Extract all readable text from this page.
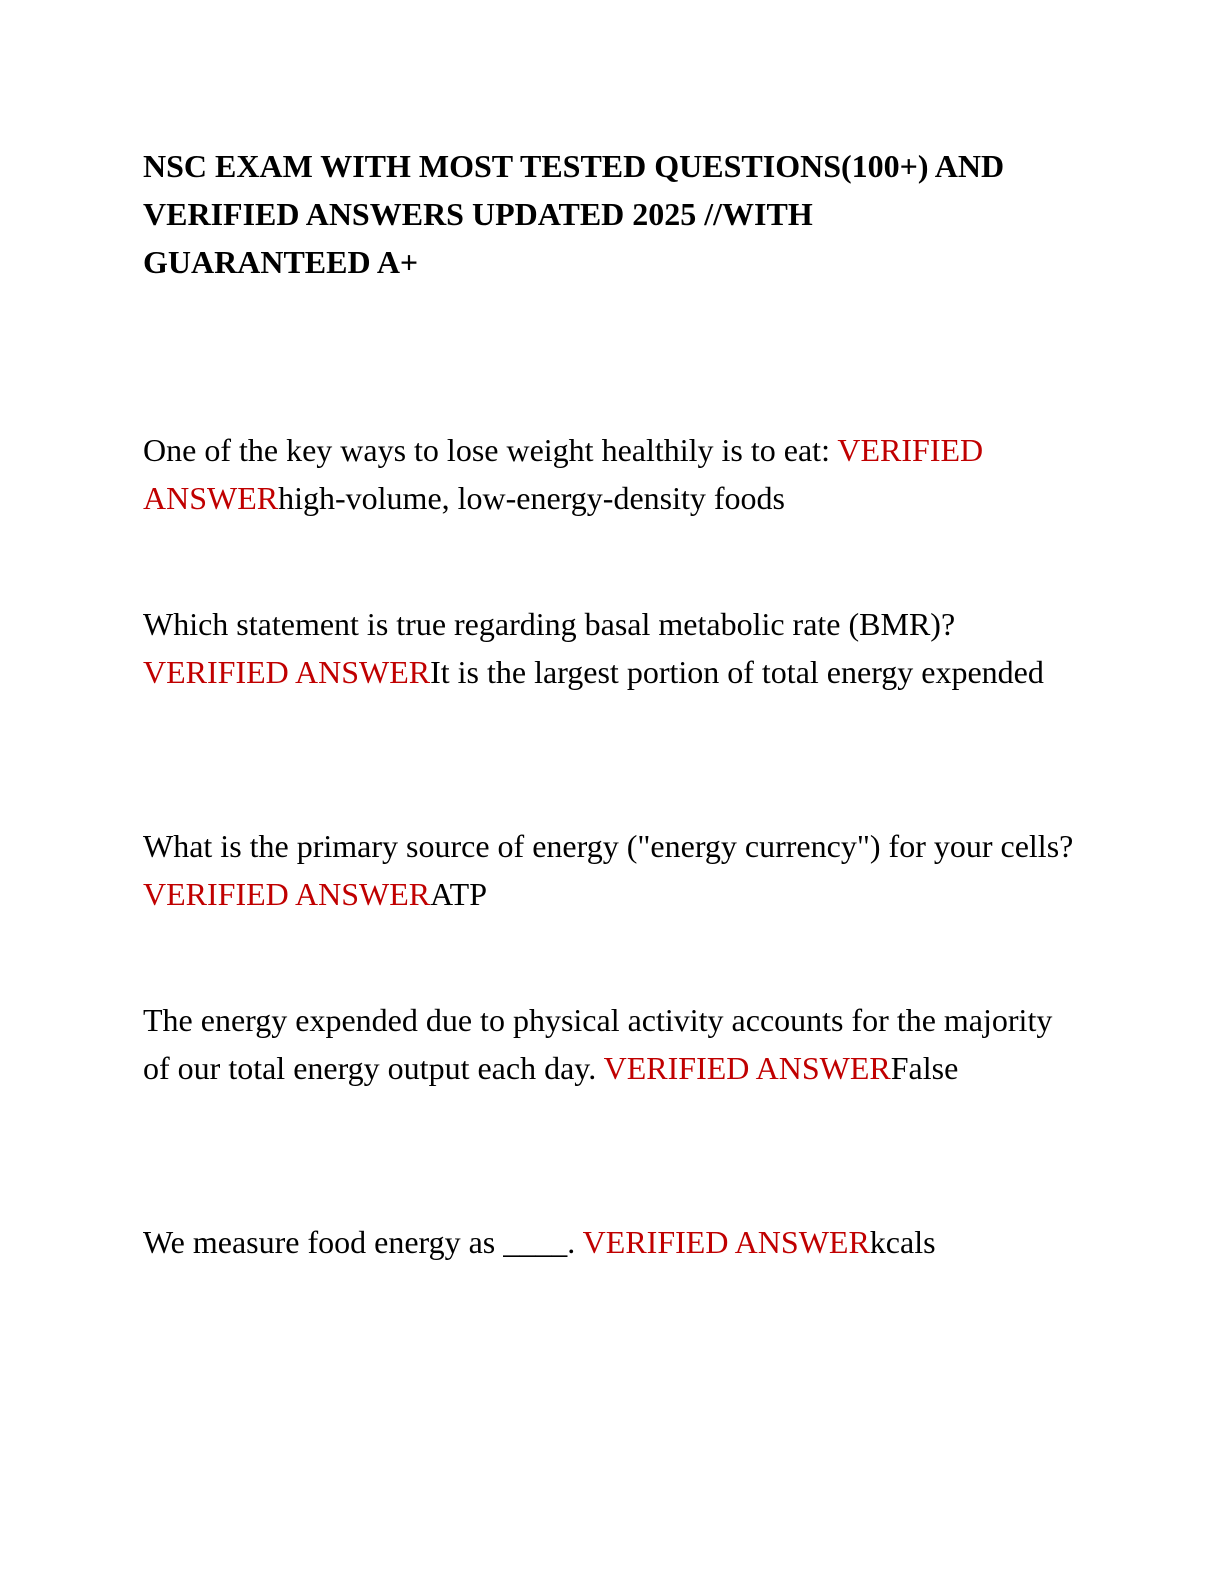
NSC EXAM WITH MOST TESTED QUESTIONS(100+) AND VERIFIED ANSWERS UPDATED 2025 //WITH GUARANTEED A+

One of the key ways to lose weight healthily is to eat: VERIFIED ANSWERhigh-volume, low-energy-density foods

Which statement is true regarding basal metabolic rate (BMR)? VERIFIED ANSWERIt is the largest portion of total energy expended

What is the primary source of energy ("energy currency") for your cells? VERIFIED ANSWERATP

The energy expended due to physical activity accounts for the majority of our total energy output each day. VERIFIED ANSWERFalse

We measure food energy as ____. VERIFIED ANSWERkcals
